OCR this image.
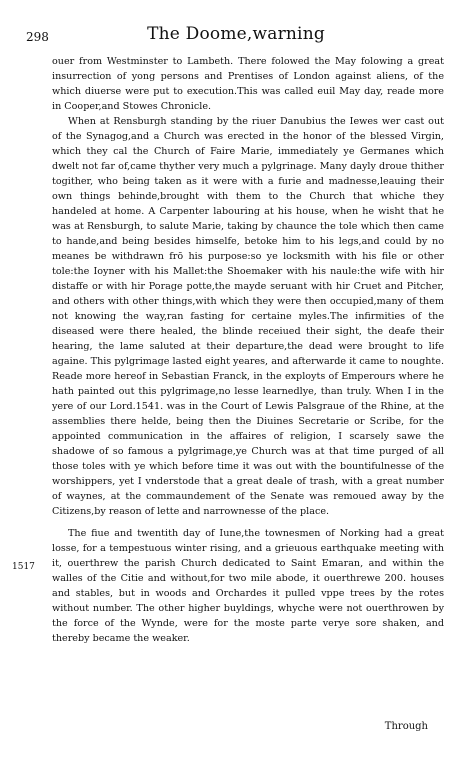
298	The Doome,warning

ouer from Westminster to Lambeth. There folowed the May folowing a great insurrection of yong persons and Prentises of London against aliens, of the which diuerse were put to execution.This was called euil May day, reade more in Cooper,and Stowes Chronicle.

When at Rensburgh standing by the riuer Danubius the Iewes wer cast out of the Synagog,and a Church was erected in the honor of the blessed Virgin, which they cal the Church of Faire Marie, immediately ye Germanes which dwelt not far of,came thyther very much a pylgrinage. Many dayly droue thither togither, who being taken as it were with a furie and madnesse,leauing their own things behinde,brought with them to the Church that whiche they handeled at home. A Carpenter labouring at his house, when he wisht that he was at Rensburgh, to salute Marie, taking by chaunce the tole which then came to hande,and being besides himselfe, betoke him to his legs,and could by no meanes be withdrawn frō his purpose:so ye locksmith with his file or other tole:the Ioyner with his Mallet:the Shoemaker with his naule:the wife with hir distaffe or with hir Porage potte,the mayde seruant with hir Cruet and Pitcher, and others with other things,with which they were then occupied,many of them not knowing the way,ran fasting for certaine myles.The infirmities of the diseased were there healed, the blinde receiued their sight, the deafe their hearing, the lame saluted at their departure,the dead were brought to life againe. This pylgrimage lasted eight yeares, and afterwarde it came to noughte. Reade more hereof in Sebastian Franck, in the exployts of Emperours where he hath painted out this pylgrimage,no lesse learnedlye, than truly. When I in the yere of our Lord.1541. was in the Court of Lewis Palsgraue of the Rhine, at the assemblies there helde, being then the Diuines Secretarie or Scribe, for the appointed communication in the affaires of religion, I scarsely sawe the shadowe of so famous a pylgrimage,ye Church was at that time purged of all those toles with ye which before time it was out with the bountifulnesse of the worshippers, yet I vnderstode that a great deale of trash, with a great number of waynes, at the commaundement of the Senate was remoued away by the Citizens,by reason of lette and narrownesse of the place.

The fiue and twentith day of Iune,the townesmen of Norking had a great losse, for a tempestuous winter rising, and a grieuous earthquake meeting with it, ouerthrew the parish Church dedicated to Saint Emaran, and within the walles of the Citie and without,for two mile abode, it ouerthrewe 200. houses and stables, but in woods and Orchardes it pulled vppe trees by the rotes without number. The other higher buyldings, whyche were not ouerthrowen by the force of the Wynde, were for the moste parte verye sore shaken, and thereby became the weaker.

1517
Through
